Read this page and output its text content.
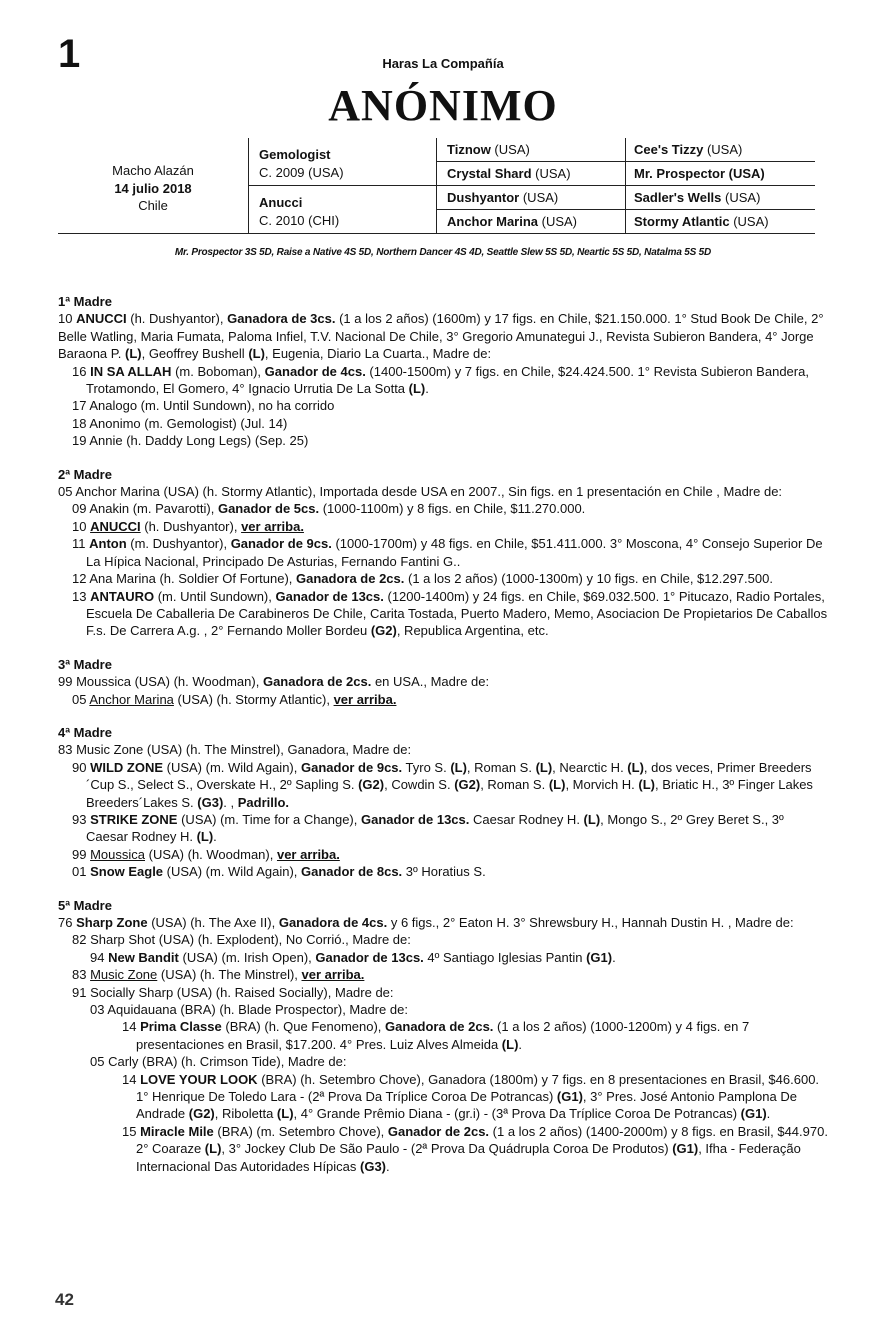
1	Haras La Compañía
ANÓNIMO
Macho Alazán
14 julio 2018
Chile
Gemologist
C. 2009 (USA)
Anucci
C. 2010 (CHI)
Tiznow (USA)
Crystal Shard (USA)
Dushyantor (USA)
Anchor Marina (USA)
Cee's Tizzy (USA)
Mr. Prospector (USA)
Sadler's Wells (USA)
Stormy Atlantic (USA)
Mr. Prospector 3S 5D, Raise a Native 4S 5D, Northern Dancer 4S 4D, Seattle Slew 5S 5D, Neartic 5S 5D, Natalma 5S 5D
1ª Madre
10 ANUCCI (h. Dushyantor), Ganadora de 3cs. (1 a los 2 años) (1600m) y 17 figs. en Chile, $21.150.000. 1° Stud Book De Chile, 2° Belle Watling, Maria Fumata, Paloma Infiel, T.V. Nacional De Chile, 3° Gregorio Amunategui J., Revista Subieron Bandera, 4° Jorge Baraona P. (L), Geoffrey Bushell (L), Eugenia, Diario La Cuarta., Madre de:
16 IN SA ALLAH (m. Boboman), Ganador de 4cs. (1400-1500m) y 7 figs. en Chile, $24.424.500. 1° Revista Subieron Bandera, Trotamondo, El Gomero, 4° Ignacio Urrutia De La Sotta (L).
17 Analogo (m. Until Sundown), no ha corrido
18 Anonimo (m. Gemologist) (Jul. 14)
19 Annie (h. Daddy Long Legs) (Sep. 25)
2ª Madre
05 Anchor Marina (USA) (h. Stormy Atlantic), Importada desde USA en 2007., Sin figs. en 1 presentación en Chile , Madre de:
09 Anakin (m. Pavarotti), Ganador de 5cs. (1000-1100m) y 8 figs. en Chile, $11.270.000.
10 ANUCCI (h. Dushyantor), ver arriba.
11 Anton (m. Dushyantor), Ganador de 9cs. (1000-1700m) y 48 figs. en Chile, $51.411.000. 3° Moscona, 4° Consejo Superior De La Hípica Nacional, Principado De Asturias, Fernando Fantini G..
12 Ana Marina (h. Soldier Of Fortune), Ganadora de 2cs. (1 a los 2 años) (1000-1300m) y 10 figs. en Chile, $12.297.500.
13 ANTAURO (m. Until Sundown), Ganador de 13cs. (1200-1400m) y 24 figs. en Chile, $69.032.500. 1° Pitucazo, Radio Portales, Escuela De Caballeria De Carabineros De Chile, Carita Tostada, Puerto Madero, Memo, Asociacion De Propietarios De Caballos F.s. De Carrera A.g. , 2° Fernando Moller Bordeu (G2), Republica Argentina, etc.
3ª Madre
99 Moussica (USA) (h. Woodman), Ganadora de 2cs. en USA., Madre de:
05 Anchor Marina (USA) (h. Stormy Atlantic), ver arriba.
4ª Madre
83 Music Zone (USA) (h. The Minstrel), Ganadora, Madre de:
90 WILD ZONE (USA) (m. Wild Again), Ganador de 9cs. Tyro S. (L), Roman S. (L), Nearctic H. (L), dos veces, Primer Breeders´Cup S., Select S., Overskate H., 2º Sapling S. (G2), Cowdin S. (G2), Roman S. (L), Morvich H. (L), Briatic H., 3º Finger Lakes Breeders´Lakes S. (G3). , Padrillo.
93 STRIKE ZONE (USA) (m. Time for a Change), Ganador de 13cs. Caesar Rodney H. (L), Mongo S., 2º Grey Beret S., 3º Caesar Rodney H. (L).
99 Moussica (USA) (h. Woodman), ver arriba.
01 Snow Eagle (USA) (m. Wild Again), Ganador de 8cs. 3º Horatius S.
5ª Madre
76 Sharp Zone (USA) (h. The Axe II), Ganadora de 4cs. y 6 figs., 2° Eaton H. 3° Shrewsbury H., Hannah Dustin H. , Madre de:
82 Sharp Shot (USA) (h. Explodent), No Corrió., Madre de:
94 New Bandit (USA) (m. Irish Open), Ganador de 13cs. 4º Santiago Iglesias Pantin (G1).
83 Music Zone (USA) (h. The Minstrel), ver arriba.
91 Socially Sharp (USA) (h. Raised Socially), Madre de:
03 Aquidauana (BRA) (h. Blade Prospector), Madre de:
14 Prima Classe (BRA) (h. Que Fenomeno), Ganadora de 2cs. (1 a los 2 años) (1000-1200m) y 4 figs. en 7 presentaciones en Brasil, $17.200. 4° Pres. Luiz Alves Almeida (L).
05 Carly (BRA) (h. Crimson Tide), Madre de:
14 LOVE YOUR LOOK (BRA) (h. Setembro Chove), Ganadora (1800m) y 7 figs. en 8 presentaciones en Brasil, $46.600. 1° Henrique De Toledo Lara - (2ª Prova Da Tríplice Coroa De Potrancas) (G1), 3° Pres. José Antonio Pamplona De Andrade (G2), Riboletta (L), 4° Grande Prêmio Diana - (gr.i) - (3ª Prova Da Tríplice Coroa De Potrancas) (G1).
15 Miracle Mile (BRA) (m. Setembro Chove), Ganador de 2cs. (1 a los 2 años) (1400-2000m) y 8 figs. en Brasil, $44.970. 2° Coaraze (L), 3° Jockey Club De São Paulo - (2ª Prova Da Quádrupla Coroa De Produtos) (G1), Ifha - Federação Internacional Das Autoridades Hípicas (G3).
42
